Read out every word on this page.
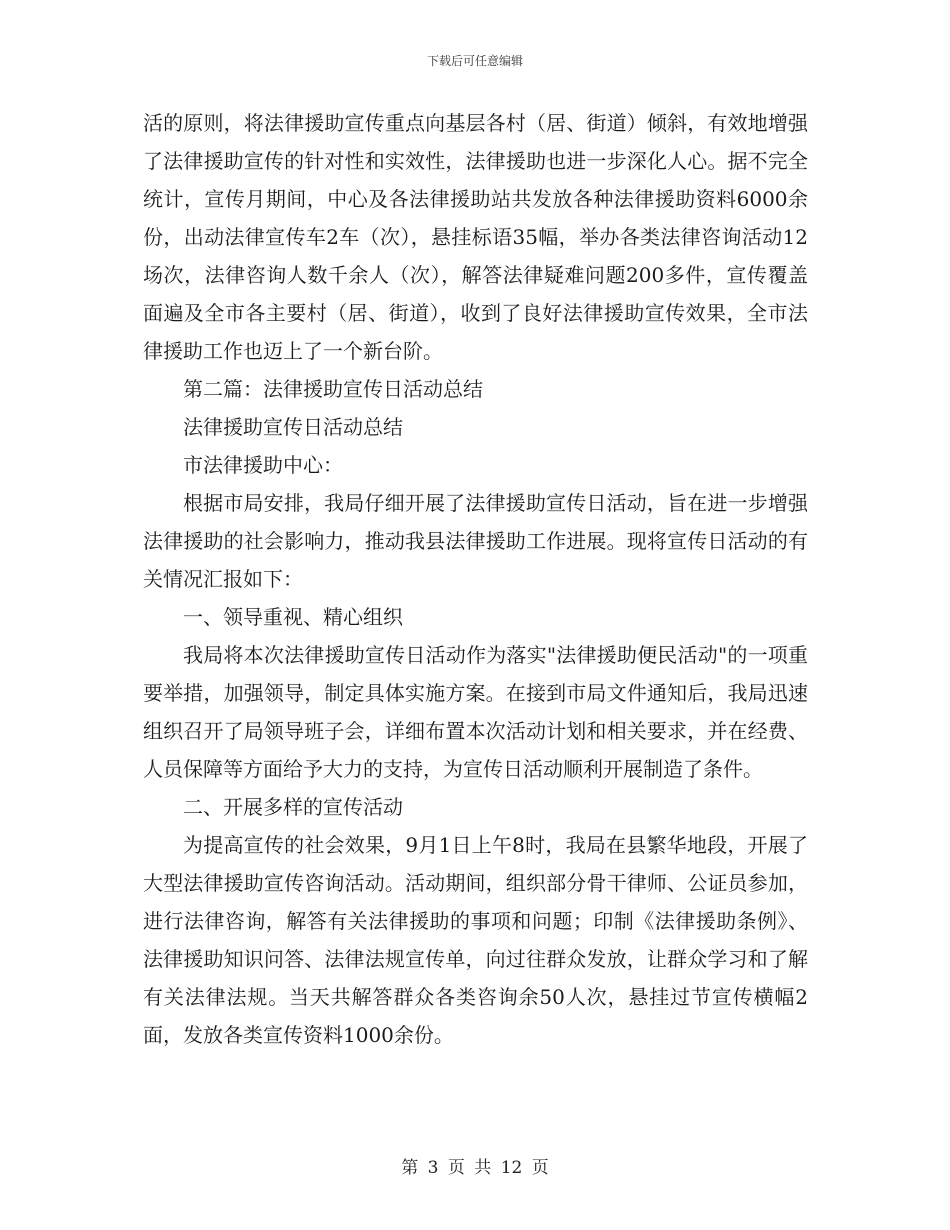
下载后可任意编辑

活的原则，将法律援助宣传重点向基层各村（居、街道）倾斜，有效地增强了法律援助宣传的针对性和实效性，法律援助也进一步深化人心。据不完全统计，宣传月期间，中心及各法律援助站共发放各种法律援助资料6000余份，出动法律宣传车2车（次），悬挂标语35幅，举办各类法律咨询活动12场次，法律咨询人数千余人（次），解答法律疑难问题200多件，宣传覆盖面遍及全市各主要村（居、街道），收到了良好法律援助宣传效果，全市法律援助工作也迈上了一个新台阶。

第二篇：法律援助宣传日活动总结

法律援助宣传日活动总结

市法律援助中心：

根据市局安排，我局仔细开展了法律援助宣传日活动，旨在进一步增强法律援助的社会影响力，推动我县法律援助工作进展。现将宣传日活动的有关情况汇报如下：

一、领导重视、精心组织

我局将本次法律援助宣传日活动作为落实"法律援助便民活动"的一项重要举措，加强领导，制定具体实施方案。在接到市局文件通知后，我局迅速组织召开了局领导班子会，详细布置本次活动计划和相关要求，并在经费、人员保障等方面给予大力的支持，为宣传日活动顺利开展制造了条件。

二、开展多样的宣传活动

为提高宣传的社会效果，9月1日上午8时，我局在县繁华地段，开展了大型法律援助宣传咨询活动。活动期间，组织部分骨干律师、公证员参加，进行法律咨询，解答有关法律援助的事项和问题；印制《法律援助条例》、法律援助知识问答、法律法规宣传单，向过往群众发放，让群众学习和了解有关法律法规。当天共解答群众各类咨询余50人次，悬挂过节宣传横幅2面，发放各类宣传资料1000余份。

第 3 页 共 12 页
